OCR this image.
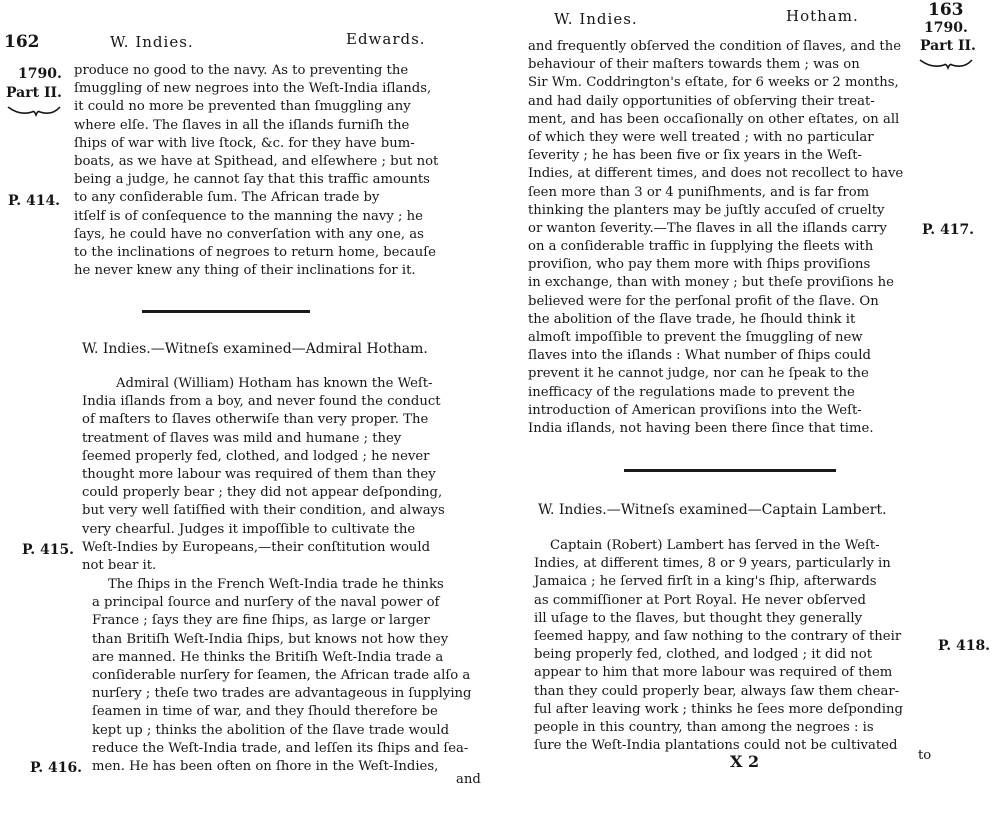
162	W. Indies.	Edwards.
1790.
Part II.
produce no good to the navy. As to preventing the
ſmuggling of new negroes into the Weſt-India iſlands,
it could no more be prevented than ſmuggling any
where elſe. The ſlaves in all the iſlands furniſh the
ſhips of war with live ſtock, &c. for they have bum-
boats, as we have at Spithead, and elſewhere ; but not
being a judge, he cannot ſay that this traffic amounts
to any conſiderable ſum. The African trade by
itſelf is of conſequence to the manning the navy ; he
ſays, he could have no converſation with any one, as
to the inclinations of negroes to return home, becauſe
he never knew any thing of their inclinations for it.
P. 414.
W. Indies.—Witneſs examined—Admiral Hotham.
Admiral (William) Hotham has known the Weſt-
India iſlands from a boy, and never found the conduct
of maſters to ſlaves otherwiſe than very proper. The
treatment of ſlaves was mild and humane ; they
ſeemed properly fed, clothed, and lodged ; he never
thought more labour was required of them than they
could properly bear ; they did not appear deſponding,
but very well ſatiſfied with their condition, and always
very chearful. Judges it impoſſible to cultivate the
Weſt-Indies by Europeans,—their conſtitution would
not bear it.
P. 415.
The ſhips in the French Weſt-India trade he thinks
a principal ſource and nurſery of the naval power of
France ; ſays they are fine ſhips, as large or larger
than Britiſh Weſt-India ſhips, but knows not how they
are manned. He thinks the Britiſh Weſt-India trade a
conſiderable nurſery for ſeamen, the African trade alſo a
nurſery ; theſe two trades are advantageous in ſupplying
ſeamen in time of war, and they ſhould therefore be
kept up ; thinks the abolition of the ſlave trade would
reduce the Weſt-India trade, and leſſen its ſhips and ſea-
men. He has been often on ſhore in the Weſt-Indies,
P. 416.
and
W. Indies.	Hotham.	163
1790.
Part II.
and frequently obſerved the condition of ſlaves, and the
behaviour of their maſters towards them ; was on
Sir Wm. Coddrington's eſtate, for 6 weeks or 2 months,
and had daily opportunities of obſerving their treat-
ment, and has been occaſionally on other eſtates, on all
of which they were well treated ; with no particular
ſeverity ; he has been five or ſix years in the Weſt-
Indies, at different times, and does not recollect to have
ſeen more than 3 or 4 puniſhments, and is far from
thinking the planters may be juſtly accuſed of cruelty
or wanton ſeverity.—The ſlaves in all the iſlands carry
on a conſiderable traffic in ſupplying the fleets with
proviſion, who pay them more with ſhips proviſions
in exchange, than with money ; but theſe proviſions he
believed were for the perſonal profit of the ſlave. On
the abolition of the ſlave trade, he ſhould think it
almoſt impoſſible to prevent the ſmuggling of new
ſlaves into the iſlands : What number of ſhips could
prevent it he cannot judge, nor can he ſpeak to the
inefficacy of the regulations made to prevent the
introduction of American proviſions into the Weſt-
India iſlands, not having been there ſince that time.
P. 417.
W. Indies.—Witneſs examined—Captain Lambert.
Captain (Robert) Lambert has ſerved in the Weſt-
Indies, at different times, 8 or 9 years, particularly in
Jamaica ; he ſerved firſt in a king's ſhip, afterwards
as commiſſioner at Port Royal. He never obſerved
ill uſage to the ſlaves, but thought they generally
ſeemed happy, and ſaw nothing to the contrary of their
being properly fed, clothed, and lodged ; it did not
appear to him that more labour was required of them
than they could properly bear, always ſaw them chear-
ful after leaving work ; thinks he ſees more deſponding
people in this country, than among the negroes : is
ſure the Weſt-India plantations could not be cultivated
P. 418.
X 2	to
